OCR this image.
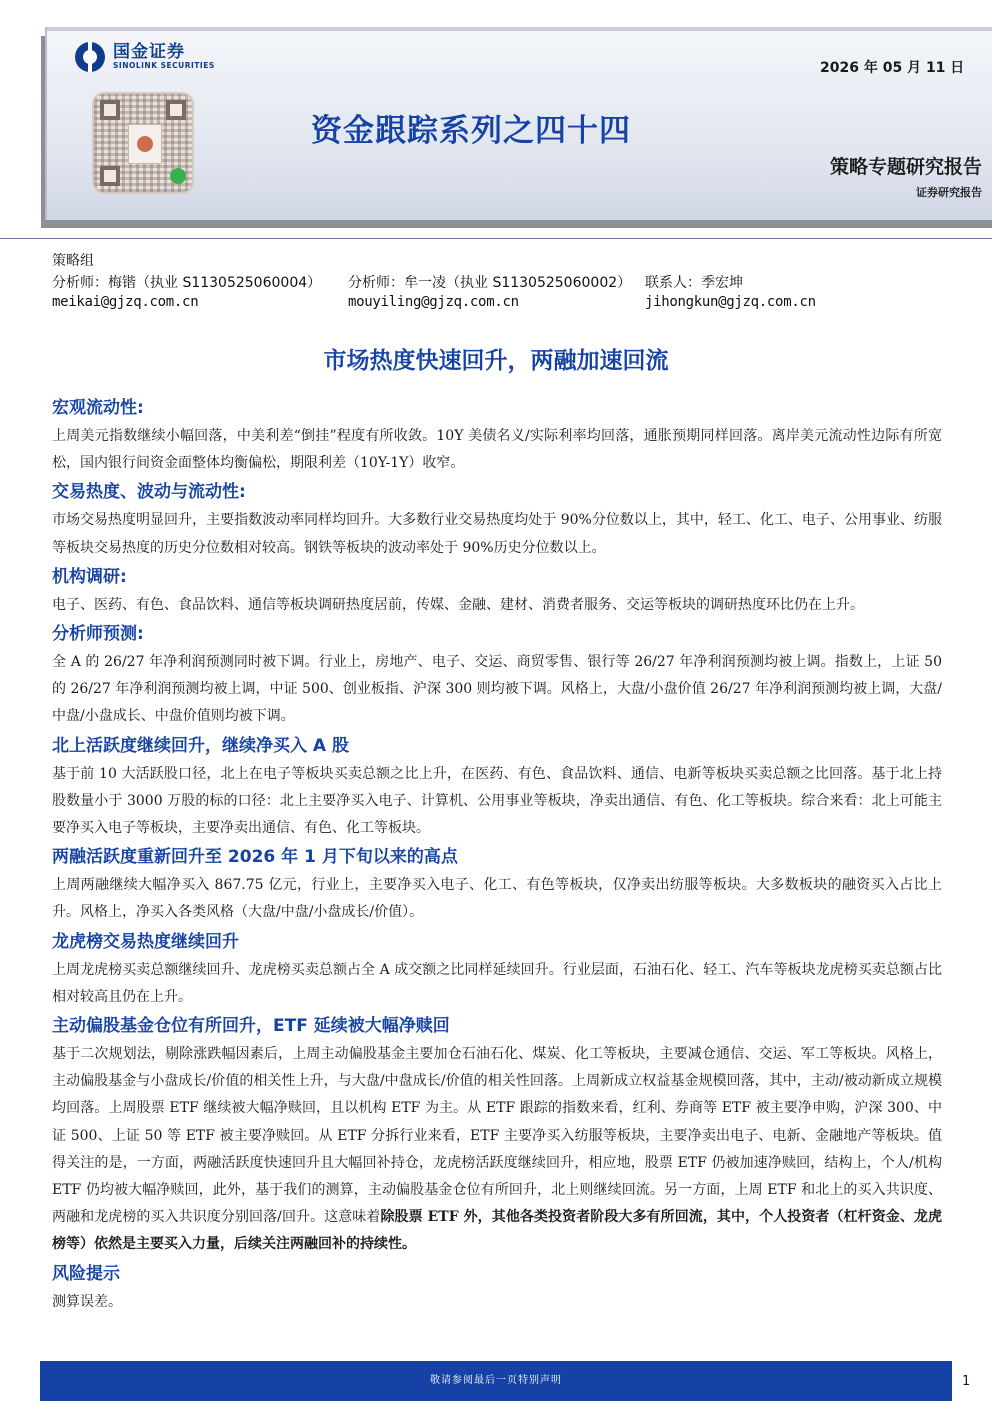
国金证券
SINOLINK SECURITIES	2026 年 05 月 11 日
资金跟踪系列之四十四
策略专题研究报告
证券研究报告
策略组
分析师：梅锴（执业 S1130525060004）
meikai@gjzq.com.cn
分析师：牟一凌（执业 S1130525060002）
mouyiling@gjzq.com.cn
联系人：季宏坤
jihongkun@gjzq.com.cn
市场热度快速回升，两融加速回流
宏观流动性:

上周美元指数继续小幅回落，中美利差“倒挂”程度有所收敛。10Y 美债名义/实际利率均回落，通胀预期同样回落。离岸美元流动性边际有所宽松，国内银行间资金面整体均衡偏松，期限利差（10Y-1Y）收窄。

交易热度、波动与流动性:

市场交易热度明显回升，主要指数波动率同样均回升。大多数行业交易热度均处于 90%分位数以上，其中，轻工、化工、电子、公用事业、纺服等板块交易热度的历史分位数相对较高。钢铁等板块的波动率处于 90%历史分位数以上。

机构调研:

电子、医药、有色、食品饮料、通信等板块调研热度居前，传媒、金融、建材、消费者服务、交运等板块的调研热度环比仍在上升。

分析师预测:

全 A 的 26/27 年净利润预测同时被下调。行业上，房地产、电子、交运、商贸零售、银行等 26/27 年净利润预测均被上调。指数上，上证 50 的 26/27 年净利润预测均被上调，中证 500、创业板指、沪深 300 则均被下调。风格上，大盘/小盘价值 26/27 年净利润预测均被上调，大盘/中盘/小盘成长、中盘价值则均被下调。

北上活跃度继续回升，继续净买入 A 股

基于前 10 大活跃股口径，北上在电子等板块买卖总额之比上升，在医药、有色、食品饮料、通信、电新等板块买卖总额之比回落。基于北上持股数量小于 3000 万股的标的口径：北上主要净买入电子、计算机、公用事业等板块，净卖出通信、有色、化工等板块。综合来看：北上可能主要净买入电子等板块，主要净卖出通信、有色、化工等板块。

两融活跃度重新回升至 2026 年 1 月下旬以来的高点

上周两融继续大幅净买入 867.75 亿元，行业上，主要净买入电子、化工、有色等板块，仅净卖出纺服等板块。大多数板块的融资买入占比上升。风格上，净买入各类风格（大盘/中盘/小盘成长/价值）。

龙虎榜交易热度继续回升

上周龙虎榜买卖总额继续回升、龙虎榜买卖总额占全 A 成交额之比同样延续回升。行业层面，石油石化、轻工、汽车等板块龙虎榜买卖总额占比相对较高且仍在上升。

主动偏股基金仓位有所回升，ETF 延续被大幅净赎回

基于二次规划法，剔除涨跌幅因素后，上周主动偏股基金主要加仓石油石化、煤炭、化工等板块，主要减仓通信、交运、军工等板块。风格上，主动偏股基金与小盘成长/价值的相关性上升，与大盘/中盘成长/价值的相关性回落。上周新成立权益基金规模回落，其中，主动/被动新成立规模均回落。上周股票 ETF 继续被大幅净赎回，且以机构 ETF 为主。从 ETF 跟踪的指数来看，红利、券商等 ETF 被主要净申购，沪深 300、中证 500、上证 50 等 ETF 被主要净赎回。从 ETF 分拆行业来看，ETF 主要净买入纺服等板块，主要净卖出电子、电新、金融地产等板块。值得关注的是，一方面，两融活跃度快速回升且大幅回补持仓，龙虎榜活跃度继续回升，相应地，股票 ETF 仍被加速净赎回，结构上，个人/机构 ETF 仍均被大幅净赎回，此外，基于我们的测算，主动偏股基金仓位有所回升，北上则继续回流。另一方面，上周 ETF 和北上的买入共识度、两融和龙虎榜的买入共识度分别回落/回升。这意味着除股票 ETF 外，其他各类投资者阶段大多有所回流，其中，个人投资者（杠杆资金、龙虎榜等）依然是主要买入力量，后续关注两融回补的持续性。

风险提示

测算误差。

敬请参阅最后一页特别声明	1
